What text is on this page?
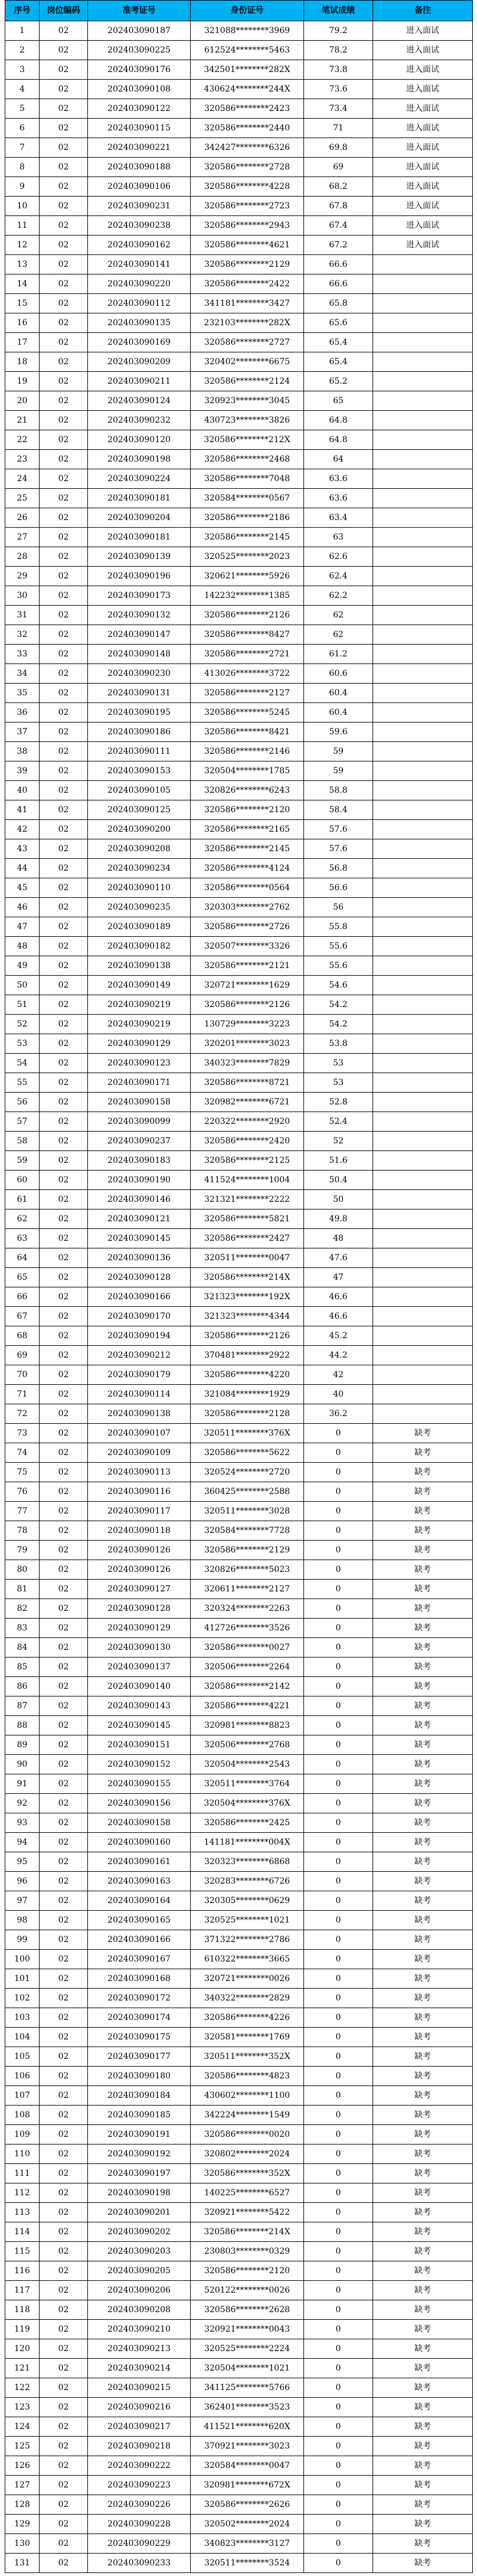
序号	岗位编码	准考证号	身份证号	笔试成绩	备注
1	02	202403090187	321088********3969	79.2	进入面试
2	02	202403090225	612524********5463	78.2	进入面试
3	02	202403090176	342501********282X	73.8	进入面试
4	02	202403090108	430624********244X	73.6	进入面试
5	02	202403090122	320586********2423	73.4	进入面试
6	02	202403090115	320586********2440	71	进入面试
7	02	202403090221	342427********6326	69.8	进入面试
8	02	202403090188	320586********2728	69	进入面试
9	02	202403090106	320586********4228	68.2	进入面试
10	02	202403090231	320586********2723	67.8	进入面试
11	02	202403090238	320586********2943	67.4	进入面试
12	02	202403090162	320586********4621	67.2	进入面试
13	02	202403090141	320586********2129	66.6	
14	02	202403090220	320586********2422	66.6	
15	02	202403090112	341181********3427	65.8	
16	02	202403090135	232103********282X	65.6	
17	02	202403090169	320586********2727	65.4	
18	02	202403090209	320402********6675	65.4	
19	02	202403090211	320586********2124	65.2	
20	02	202403090124	320923********3045	65	
21	02	202403090232	430723********3826	64.8	
22	02	202403090120	320586********212X	64.8	
23	02	202403090198	320586********2468	64	
24	02	202403090224	320586********7048	63.6	
25	02	202403090181	320584********0567	63.6	
26	02	202403090204	320586********2186	63.4	
27	02	202403090181	320586********2145	63	
28	02	202403090139	320525********2023	62.6	
29	02	202403090196	320621********5926	62.4	
30	02	202403090173	142232********1385	62.2	
31	02	202403090132	320586********2126	62	
32	02	202403090147	320586********8427	62	
33	02	202403090148	320586********2721	61.2	
34	02	202403090230	413026********3722	60.6	
35	02	202403090131	320586********2127	60.4	
36	02	202403090195	320586********5245	60.4	
37	02	202403090186	320586********8421	59.6	
38	02	202403090111	320586********2146	59	
39	02	202403090153	320504********1785	59	
40	02	202403090105	320826********6243	58.8	
41	02	202403090125	320586********2120	58.4	
42	02	202403090200	320586********2165	57.6	
43	02	202403090208	320586********2145	57.6	
44	02	202403090234	320586********4124	56.8	
45	02	202403090110	320586********0564	56.6	
46	02	202403090235	320303********2762	56	
47	02	202403090189	320586********2726	55.8	
48	02	202403090182	320507********3326	55.6	
49	02	202403090138	320586********2121	55.6	
50	02	202403090149	320721********1629	54.6	
51	02	202403090219	320586********2126	54.2	
52	02	202403090219	130729********3223	54.2	
53	02	202403090129	320201********3023	53.8	
54	02	202403090123	340323********7829	53	
55	02	202403090171	320586********8721	53	
56	02	202403090158	320982********6721	52.8	
57	02	202403090099	220322********2920	52.4	
58	02	202403090237	320586********2420	52	
59	02	202403090183	320586********2125	51.6	
60	02	202403090190	411524********1004	50.4	
61	02	202403090146	321321********2222	50	
62	02	202403090121	320586********5821	49.8	
63	02	202403090145	320586********2427	48	
64	02	202403090136	320511********0047	47.6	
65	02	202403090128	320586********214X	47	
66	02	202403090166	321323********192X	46.6	
67	02	202403090170	321323********4344	46.6	
68	02	202403090194	320586********2126	45.2	
69	02	202403090212	370481********2922	44.2	
70	02	202403090179	320586********4220	42	
71	02	202403090114	321084********1929	40	
72	02	202403090138	320586********2128	36.2	
73	02	202403090107	320511********376X	0	缺考
74	02	202403090109	320586********5622	0	缺考
75	02	202403090113	320524********2720	0	缺考
76	02	202403090116	360425********2588	0	缺考
77	02	202403090117	320511********3028	0	缺考
78	02	202403090118	320584********7728	0	缺考
79	02	202403090126	320586********2129	0	缺考
80	02	202403090126	320826********5023	0	缺考
81	02	202403090127	320611********2127	0	缺考
82	02	202403090128	320324********2263	0	缺考
83	02	202403090129	412726********3526	0	缺考
84	02	202403090130	320586********0027	0	缺考
85	02	202403090137	320506********2264	0	缺考
86	02	202403090140	320586********2142	0	缺考
87	02	202403090143	320586********4221	0	缺考
88	02	202403090145	320981********8823	0	缺考
89	02	202403090151	320506********2768	0	缺考
90	02	202403090152	320504********2543	0	缺考
91	02	202403090155	320511********3764	0	缺考
92	02	202403090156	320504********376X	0	缺考
93	02	202403090158	320586********2425	0	缺考
94	02	202403090160	141181********004X	0	缺考
95	02	202403090161	320323********6868	0	缺考
96	02	202403090163	320283********6726	0	缺考
97	02	202403090164	320305********0629	0	缺考
98	02	202403090165	320525********1021	0	缺考
99	02	202403090166	371322********2786	0	缺考
100	02	202403090167	610322********3665	0	缺考
101	02	202403090168	320721********0026	0	缺考
102	02	202403090172	340322********2829	0	缺考
103	02	202403090174	320586********4226	0	缺考
104	02	202403090175	320581********1769	0	缺考
105	02	202403090177	320511********352X	0	缺考
106	02	202403090180	320586********4823	0	缺考
107	02	202403090184	430602********1100	0	缺考
108	02	202403090185	342224********1549	0	缺考
109	02	202403090191	320586********0020	0	缺考
110	02	202403090192	320802********2024	0	缺考
111	02	202403090197	320586********352X	0	缺考
112	02	202403090198	140225********6527	0	缺考
113	02	202403090201	320921********5422	0	缺考
114	02	202403090202	320586********214X	0	缺考
115	02	202403090203	230803********0329	0	缺考
116	02	202403090205	320586********2120	0	缺考
117	02	202403090206	520122********0026	0	缺考
118	02	202403090208	320586********2628	0	缺考
119	02	202403090210	320921********0043	0	缺考
120	02	202403090213	320525********2224	0	缺考
121	02	202403090214	320504********1021	0	缺考
122	02	202403090215	341125********5766	0	缺考
123	02	202403090216	362401********3523	0	缺考
124	02	202403090217	411521********620X	0	缺考
125	02	202403090218	370921********3023	0	缺考
126	02	202403090222	320584********0047	0	缺考
127	02	202403090223	320981********672X	0	缺考
128	02	202403090226	320586********2626	0	缺考
129	02	202403090228	320502********2024	0	缺考
130	02	202403090229	340823********3127	0	缺考
131	02	202403090233	320511********3524	0	缺考
